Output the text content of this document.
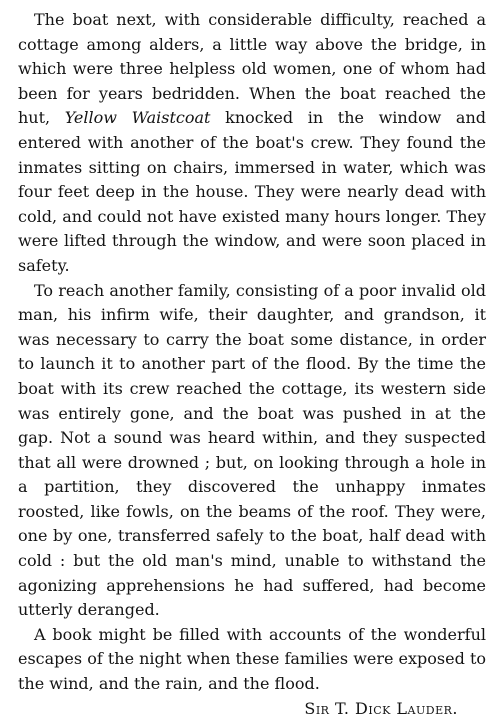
The boat next, with considerable difficulty, reached a cottage among alders, a little way above the bridge, in which were three helpless old women, one of whom had been for years bedridden. When the boat reached the hut, Yellow Waistcoat knocked in the window and entered with another of the boat's crew. They found the inmates sitting on chairs, immersed in water, which was four feet deep in the house. They were nearly dead with cold, and could not have existed many hours longer. They were lifted through the window, and were soon placed in safety.

To reach another family, consisting of a poor invalid old man, his infirm wife, their daughter, and grandson, it was necessary to carry the boat some distance, in order to launch it to another part of the flood. By the time the boat with its crew reached the cottage, its western side was entirely gone, and the boat was pushed in at the gap. Not a sound was heard within, and they suspected that all were drowned ; but, on looking through a hole in a partition, they discovered the unhappy inmates roosted, like fowls, on the beams of the roof. They were, one by one, transferred safely to the boat, half dead with cold : but the old man's mind, unable to withstand the agonizing apprehensions he had suffered, had become utterly deranged.

A book might be filled with accounts of the wonderful escapes of the night when these families were exposed to the wind, and the rain, and the flood.

Sir T. Dick Lauder.
